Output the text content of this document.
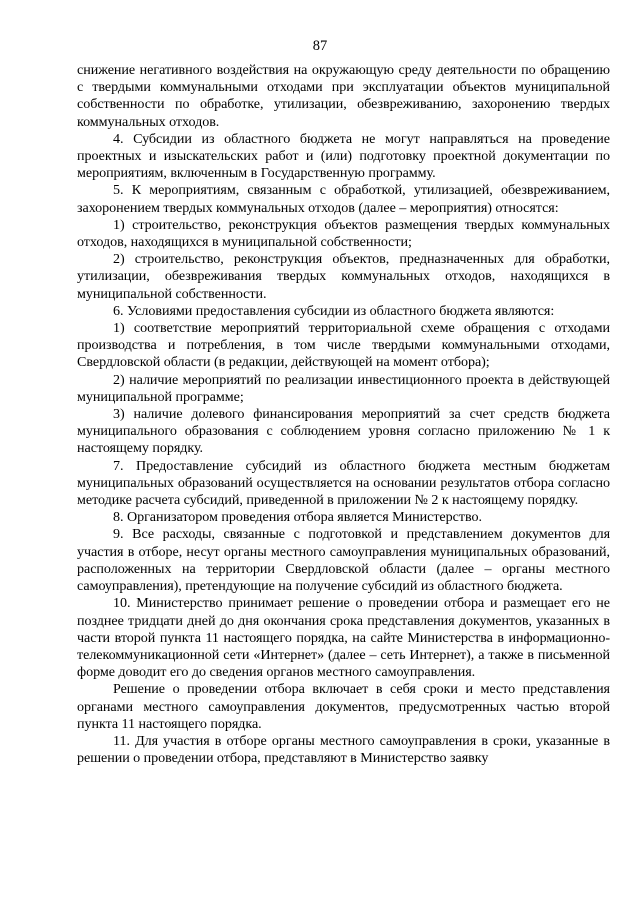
87

снижение негативного воздействия на окружающую среду деятельности по обращению с твердыми коммунальными отходами при эксплуатации объектов муниципальной собственности по обработке, утилизации, обезвреживанию, захоронению твердых коммунальных отходов.

4. Субсидии из областного бюджета не могут направляться на проведение проектных и изыскательских работ и (или) подготовку проектной документации по мероприятиям, включенным в Государственную программу.

5. К мероприятиям, связанным с обработкой, утилизацией, обезвреживанием, захоронением твердых коммунальных отходов (далее – мероприятия) относятся:

1) строительство, реконструкция объектов размещения твердых коммунальных отходов, находящихся в муниципальной собственности;

2) строительство, реконструкция объектов, предназначенных для обработки, утилизации, обезвреживания твердых коммунальных отходов, находящихся в муниципальной собственности.

6. Условиями предоставления субсидии из областного бюджета являются:

1) соответствие мероприятий территориальной схеме обращения с отходами производства и потребления, в том числе твердыми коммунальными отходами, Свердловской области (в редакции, действующей на момент отбора);

2) наличие мероприятий по реализации инвестиционного проекта в действующей муниципальной программе;

3) наличие долевого финансирования мероприятий за счет средств бюджета муниципального образования с соблюдением уровня согласно приложению № 1 к настоящему порядку.

7. Предоставление субсидий из областного бюджета местным бюджетам муниципальных образований осуществляется на основании результатов отбора согласно методике расчета субсидий, приведенной в приложении № 2 к настоящему порядку.

8. Организатором проведения отбора является Министерство.

9. Все расходы, связанные с подготовкой и представлением документов для участия в отборе, несут органы местного самоуправления муниципальных образований, расположенных на территории Свердловской области (далее – органы местного самоуправления), претендующие на получение субсидий из областного бюджета.

10. Министерство принимает решение о проведении отбора и размещает его не позднее тридцати дней до дня окончания срока представления документов, указанных в части второй пункта 11 настоящего порядка, на сайте Министерства в информационно-телекоммуникационной сети «Интернет» (далее – сеть Интернет), а также в письменной форме доводит его до сведения органов местного самоуправления.

Решение о проведении отбора включает в себя сроки и место представления органами местного самоуправления документов, предусмотренных частью второй пункта 11 настоящего порядка.

11. Для участия в отборе органы местного самоуправления в сроки, указанные в решении о проведении отбора, представляют в Министерство заявку
